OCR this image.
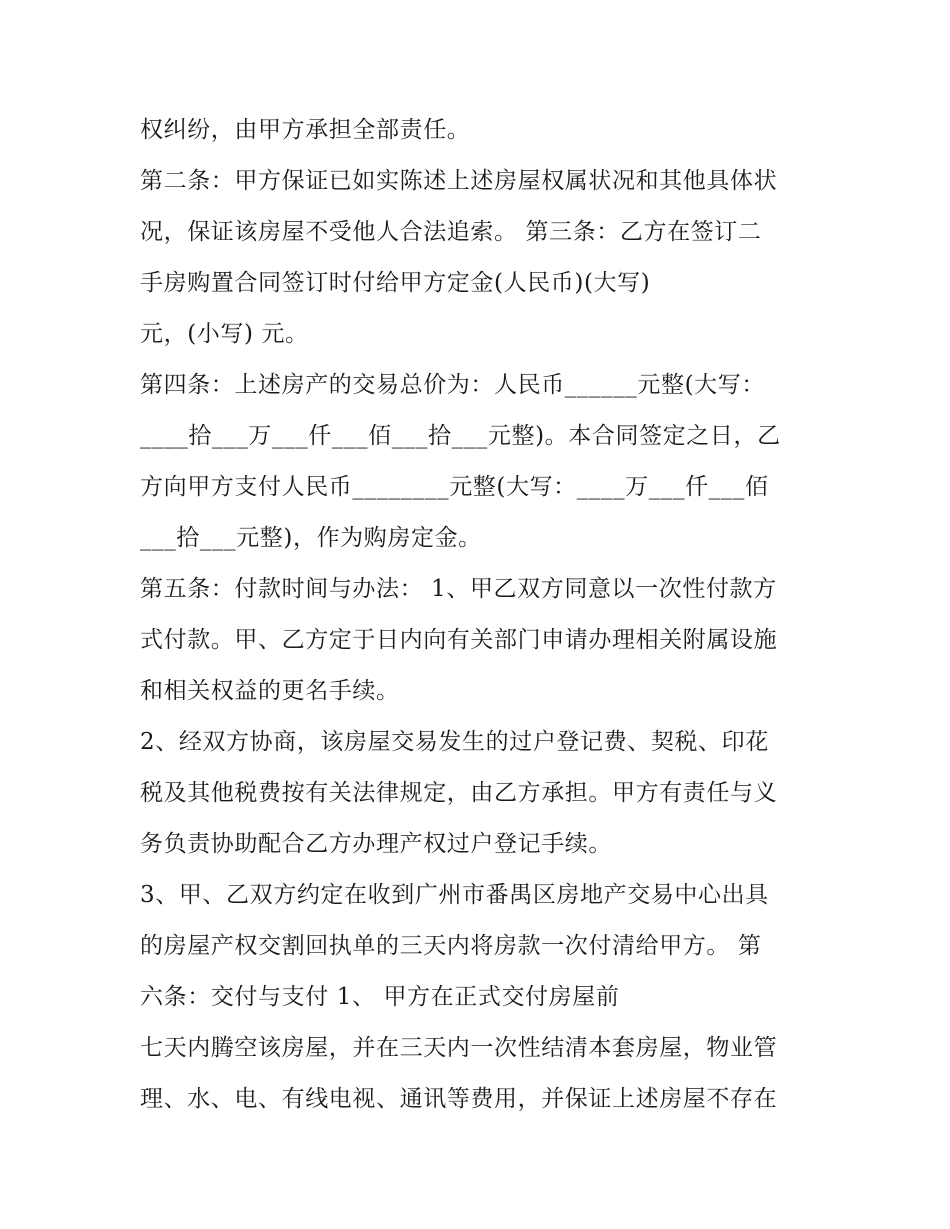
权纠纷，由甲方承担全部责任。
第二条：甲方保证已如实陈述上述房屋权属状况和其他具体状
况，保证该房屋不受他人合法追索。 第三条：乙方在签订二
手房购置合同签订时付给甲方定金(人民币)(大写)
元，(小写) 元。
第四条：上述房产的交易总价为：人民币______元整(大写：
____拾___万___仟___佰___拾___元整)。本合同签定之日，乙
方向甲方支付人民币________元整(大写：____万___仟___佰
___拾___元整)，作为购房定金。
第五条：付款时间与办法： 1、甲乙双方同意以一次性付款方
式付款。甲、乙方定于日内向有关部门申请办理相关附属设施
和相关权益的更名手续。
2、经双方协商，该房屋交易发生的过户登记费、契税、印花
税及其他税费按有关法律规定，由乙方承担。甲方有责任与义
务负责协助配合乙方办理产权过户登记手续。
3、甲、乙双方约定在收到广州市番禺区房地产交易中心出具
的房屋产权交割回执单的三天内将房款一次付清给甲方。 第
六条：交付与支付 1、 甲方在正式交付房屋前
七天内腾空该房屋，并在三天内一次性结清本套房屋，物业管
理、水、电、有线电视、通讯等费用，并保证上述房屋不存在
